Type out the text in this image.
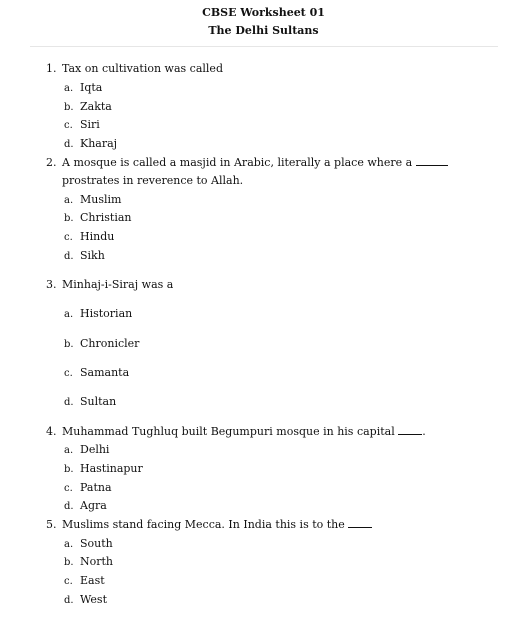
CBSE Worksheet 01
The Delhi Sultans
1. Tax on cultivation was called
a. Iqta
b. Zakta
c. Siri
d. Kharaj
2. A mosque is called a masjid in Arabic, literally a place where a  prostrates in reverence to Allah.
a. Muslim
b. Christian
c. Hindu
d. Sikh
3. Minhaj-i-Siraj was a
a. Historian
b. Chronicler
c. Samanta
d. Sultan
4. Muhammad Tughluq built Begumpuri mosque in his capital	.
a. Delhi
b. Hastinapur
c. Patna
d. Agra
5. Muslims stand facing Mecca. In India this is to the
a. South
b. North
c. East
d. West
